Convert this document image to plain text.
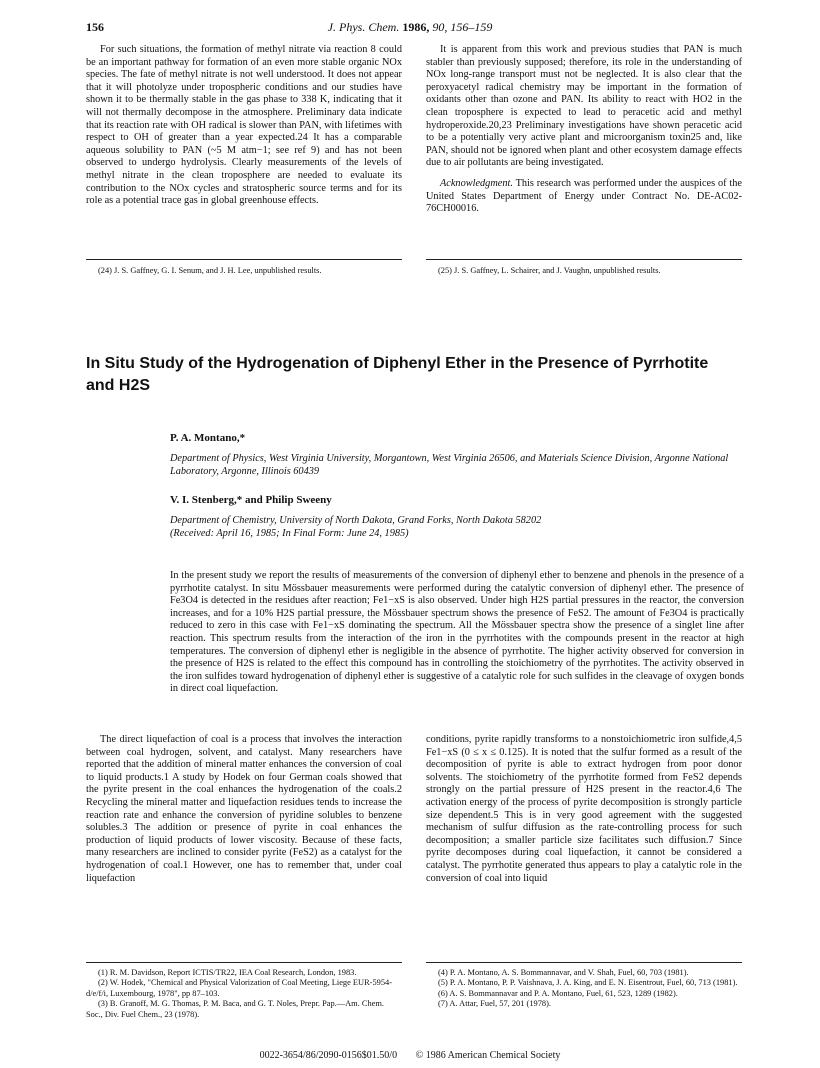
156	J. Phys. Chem. 1986, 90, 156–159

For such situations, the formation of methyl nitrate via reaction 8 could be an important pathway for formation of an even more stable organic NOx species. The fate of methyl nitrate is not well understood. It does not appear that it will photolyze under tropospheric conditions and our studies have shown it to be thermally stable in the gas phase to 338 K, indicating that it will not thermally decompose in the atmosphere. Preliminary data indicate that its reaction rate with OH radical is slower than PAN, with lifetimes with respect to OH of greater than a year expected.24 It has a comparable aqueous solubility to PAN (~5 M atm−1; see ref 9) and has not been observed to undergo hydrolysis. Clearly measurements of the levels of methyl nitrate in the clean troposphere are needed to evaluate its contribution to the NOx cycles and stratospheric source terms and for its role as a potential trace gas in global greenhouse effects.

It is apparent from this work and previous studies that PAN is much stabler than previously supposed; therefore, its role in the understanding of NOx long-range transport must not be neglected. It is also clear that the peroxyacetyl radical chemistry may be important in the formation of oxidants other than ozone and PAN. Its ability to react with HO2 in the clean troposphere is expected to lead to peracetic acid and methyl hydroperoxide.20,23 Preliminary investigations have shown peracetic acid to be a potentially very active plant and microorganism toxin25 and, like PAN, should not be ignored when plant and other ecosystem damage effects due to air pollutants are being investigated.

Acknowledgment. This research was performed under the auspices of the United States Department of Energy under Contract No. DE-AC02-76CH00016.

(24) J. S. Gaffney, G. I. Senum, and J. H. Lee, unpublished results.	(25) J. S. Gaffney, L. Schairer, and J. Vaughn, unpublished results.
In Situ Study of the Hydrogenation of Diphenyl Ether in the Presence of Pyrrhotite and H2S
P. A. Montano,*
Department of Physics, West Virginia University, Morgantown, West Virginia 26506, and Materials Science Division, Argonne National Laboratory, Argonne, Illinois 60439
V. I. Stenberg,* and Philip Sweeny
Department of Chemistry, University of North Dakota, Grand Forks, North Dakota 58202
(Received: April 16, 1985; In Final Form: June 24, 1985)
In the present study we report the results of measurements of the conversion of diphenyl ether to benzene and phenols in the presence of a pyrrhotite catalyst. In situ Mössbauer measurements were performed during the catalytic conversion of diphenyl ether. The presence of Fe3O4 is detected in the residues after reaction; Fe1−xS is also observed. Under high H2S partial pressures in the reactor, the conversion increases, and for a 10% H2S partial pressure, the Mössbauer spectrum shows the presence of FeS2. The amount of Fe3O4 is practically reduced to zero in this case with Fe1−xS dominating the spectrum. All the Mössbauer spectra show the presence of a singlet line after reaction. This spectrum results from the interaction of the iron in the pyrrhotites with the compounds present in the reactor at high temperatures. The conversion of diphenyl ether is negligible in the absence of pyrrhotite. The higher activity observed for conversion in the presence of H2S is related to the effect this compound has in controlling the stoichiometry of the pyrrhotites. The activity observed in the iron sulfides toward hydrogenation of diphenyl ether is suggestive of a catalytic role for such sulfides in the cleavage of oxygen bonds in direct coal liquefaction.

The direct liquefaction of coal is a process that involves the interaction between coal hydrogen, solvent, and catalyst. Many researchers have reported that the addition of mineral matter enhances the conversion of coal to liquid products.1 A study by Hodek on four German coals showed that the pyrite present in the coal enhances the hydrogenation of the coals.2 Recycling the mineral matter and liquefaction residues tends to increase the reaction rate and enhance the conversion of pyridine solubles to benzene solubles.3 The addition or presence of pyrite in coal enhances the production of liquid products of lower viscosity. Because of these facts, many researchers are inclined to consider pyrite (FeS2) as a catalyst for the hydrogenation of coal.1 However, one has to remember that, under coal liquefaction

conditions, pyrite rapidly transforms to a nonstoichiometric iron sulfide,4,5 Fe1−xS (0 ≤ x ≤ 0.125). It is noted that the sulfur formed as a result of the decomposition of pyrite is able to extract hydrogen from poor donor solvents. The stoichiometry of the pyrrhotite formed from FeS2 depends strongly on the partial pressure of H2S present in the reactor.4,6 The activation energy of the process of pyrite decomposition is strongly particle size dependent.5 This is in very good agreement with the suggested mechanism of sulfur diffusion as the rate-controlling process for such decomposition; a smaller particle size facilitates such diffusion.7 Since pyrite decomposes during coal liquefaction, it cannot be considered a catalyst. The pyrrhotite generated thus appears to play a catalytic role in the conversion of coal into liquid

(1) R. M. Davidson, Report ICTIS/TR22, IEA Coal Research, London, 1983.
(2) W. Hodek, "Chemical and Physical Valorization of Coal Meeting, Liege EUR-5954-d/e/f/i, Luxembourg, 1978", pp 87–103.
(3) B. Granoff, M. G. Thomas, P. M. Baca, and G. T. Noles, Prepr. Pap.—Am. Chem. Soc., Div. Fuel Chem., 23 (1978).
(4) P. A. Montano, A. S. Bommannavar, and V. Shah, Fuel, 60, 703 (1981).
(5) P. A. Montano, P. P. Vaishnava, J. A. King, and E. N. Eisentrout, Fuel, 60, 713 (1981).
(6) A. S. Bommannavar and P. A. Montano, Fuel, 61, 523, 1289 (1982).
(7) A. Attar, Fuel, 57, 201 (1978).
0022-3654/86/2090-0156$01.50/0 © 1986 American Chemical Society
